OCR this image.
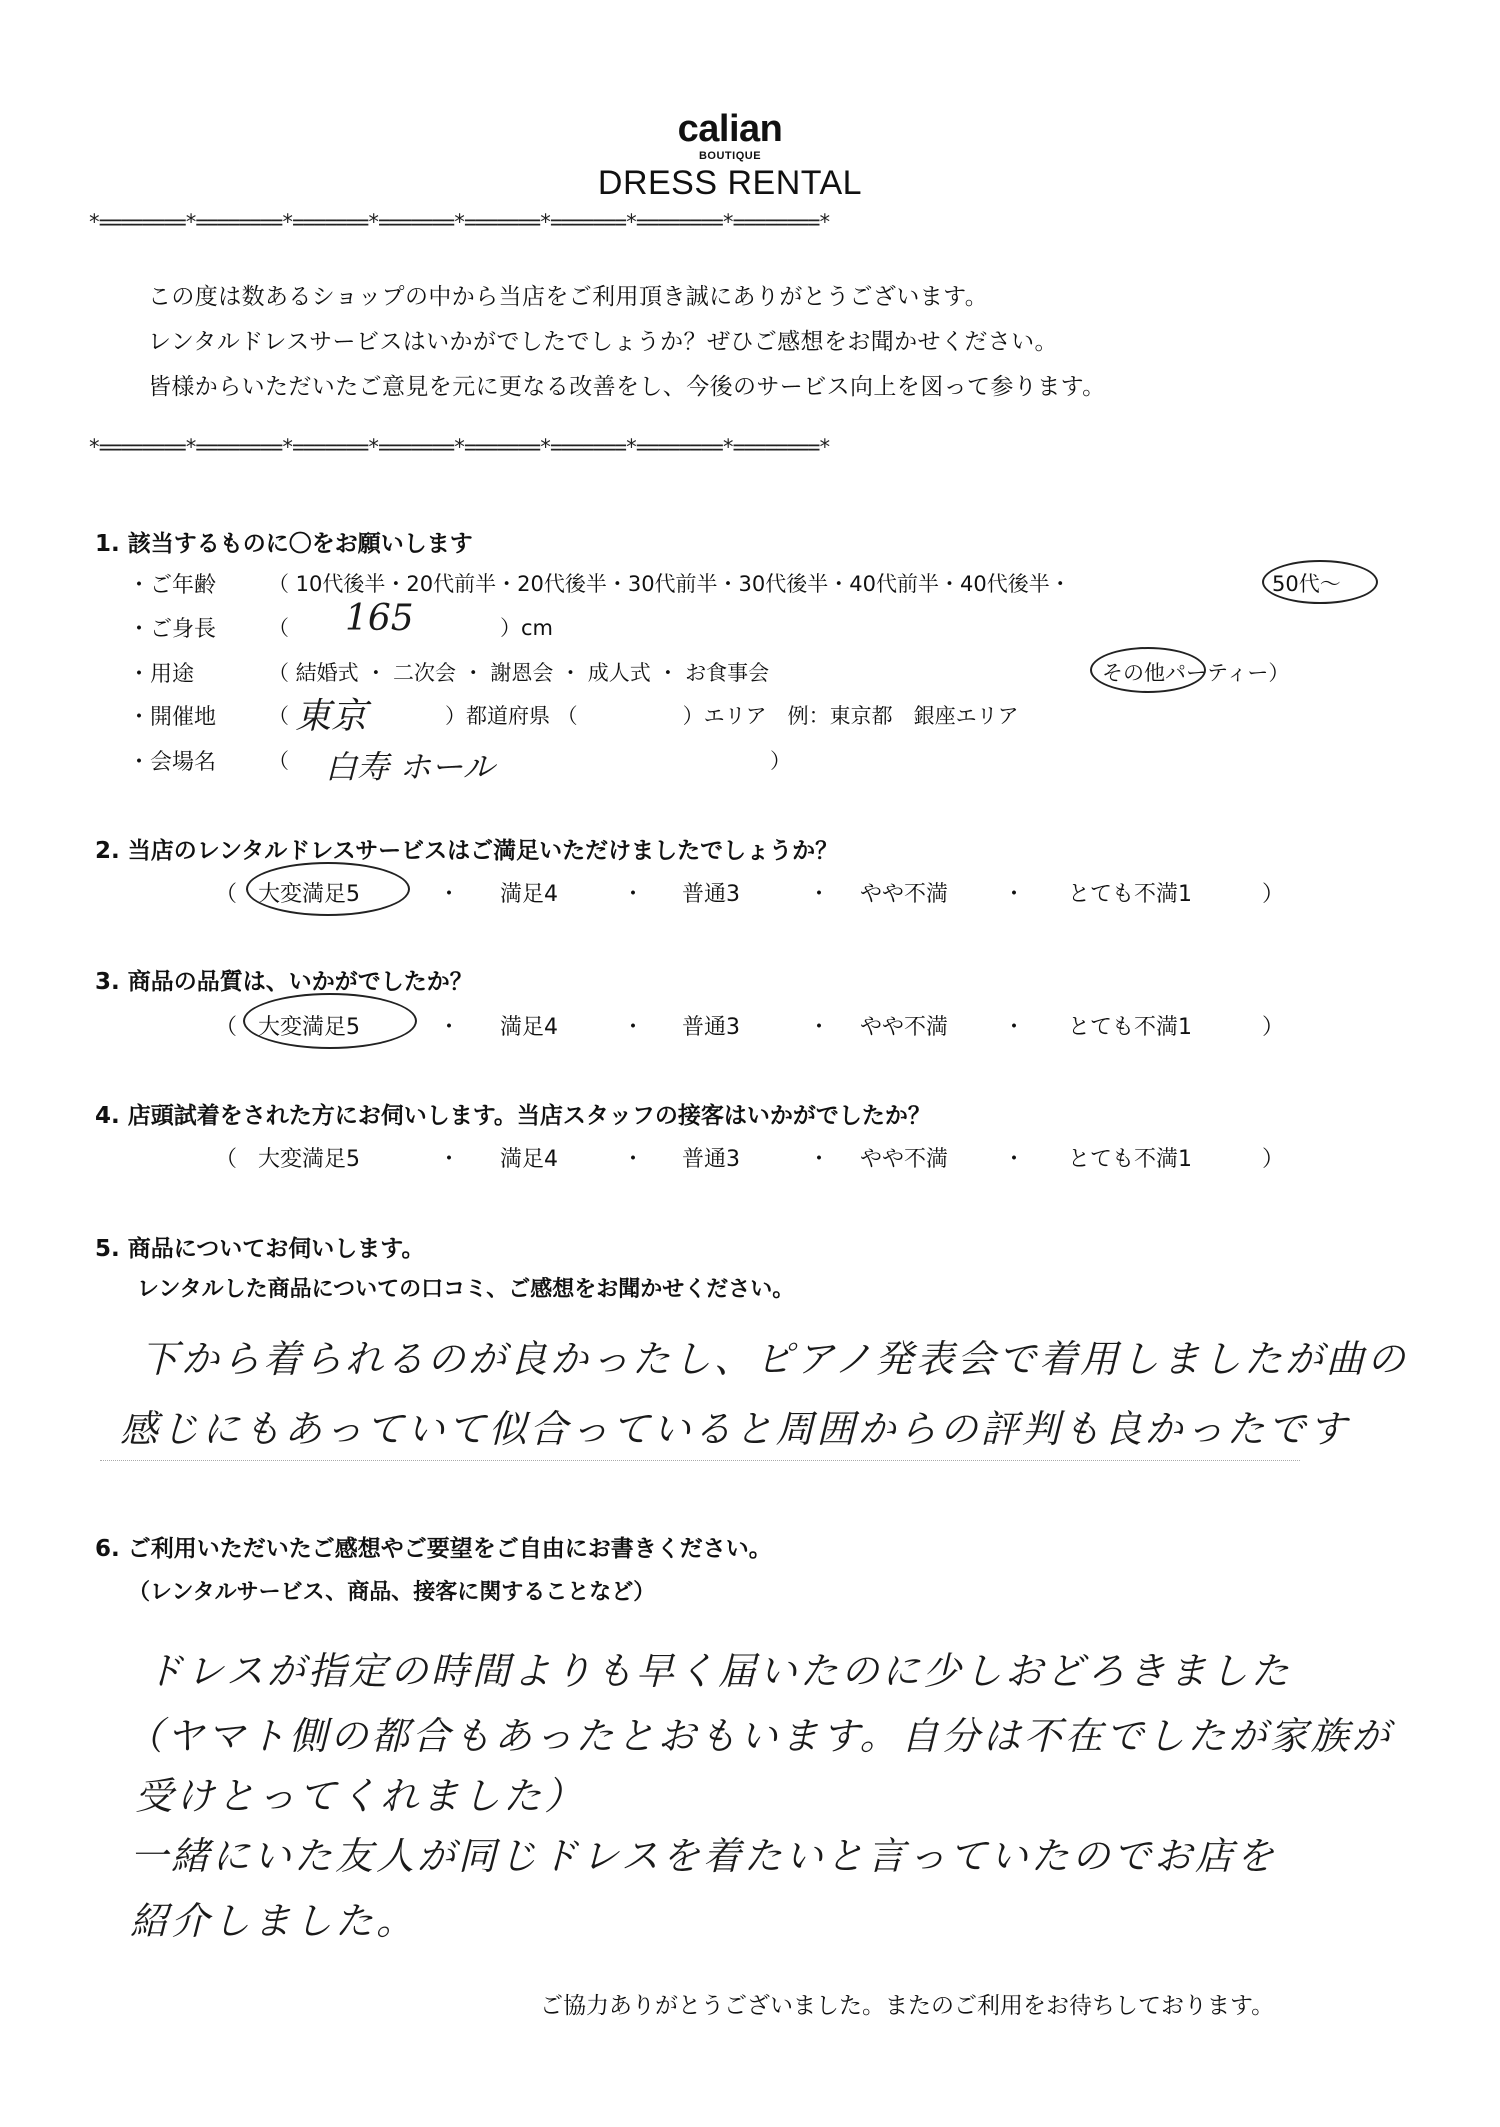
calian
BOUTIQUE
DRESS RENTAL
*========*========*=======*=======*=======*=======*========*========*
この度は数あるショップの中から当店をご利用頂き誠にありがとうございます。
レンタルドレスサービスはいかがでしたでしょうか？ぜひご感想をお聞かせください。
皆様からいただいたご意見を元に更なる改善をし、今後のサービス向上を図って参ります。
*========*========*=======*=======*=======*=======*========*========*
1. 該当するものに〇をお願いします
・ご年齢 （ 10代後半・20代前半・20代後半・30代前半・30代後半・40代前半・40代後半・	50代～
・ご身長 （ 165	）cm
・用途	（ 結婚式 ・ 二次会 ・ 謝恩会 ・ 成人式 ・ お食事会	その他パーティー）
・開催地 （ 東京	）都道府県 （　　　　　）エリア　例：東京都　銀座エリア
・会場名 （ 白寿 ホール	）
2. 当店のレンタルドレスサービスはご満足いただけましたでしょうか？
（ 大変満足5	・ 満足4	・ 普通3	・ やや不満 ・ とても不満1	）
3. 商品の品質は、いかがでしたか？
（ 大変満足5	・ 満足4	・ 普通3	・ やや不満 ・ とても不満1	）
4. 店頭試着をされた方にお伺いします。当店スタッフの接客はいかがでしたか？
（ 大変満足5	・ 満足4	・ 普通3	・ やや不満 ・ とても不満1	）
5. 商品についてお伺いします。
レンタルした商品についての口コミ、ご感想をお聞かせください。
下から着られるのが良かったし、ピアノ発表会で着用しましたが曲の
感じにもあっていて似合っていると周囲からの評判も良かったです
6. ご利用いただいたご感想やご要望をご自由にお書きください。
（レンタルサービス、商品、接客に関することなど）
ドレスが指定の時間よりも早く届いたのに少しおどろきました
（ヤマト側の都合もあったとおもいます。自分は不在でしたが家族が
受けとってくれました）
一緒にいた友人が同じドレスを着たいと言っていたのでお店を
紹介しました。
ご協力ありがとうございました。またのご利用をお待ちしております。
